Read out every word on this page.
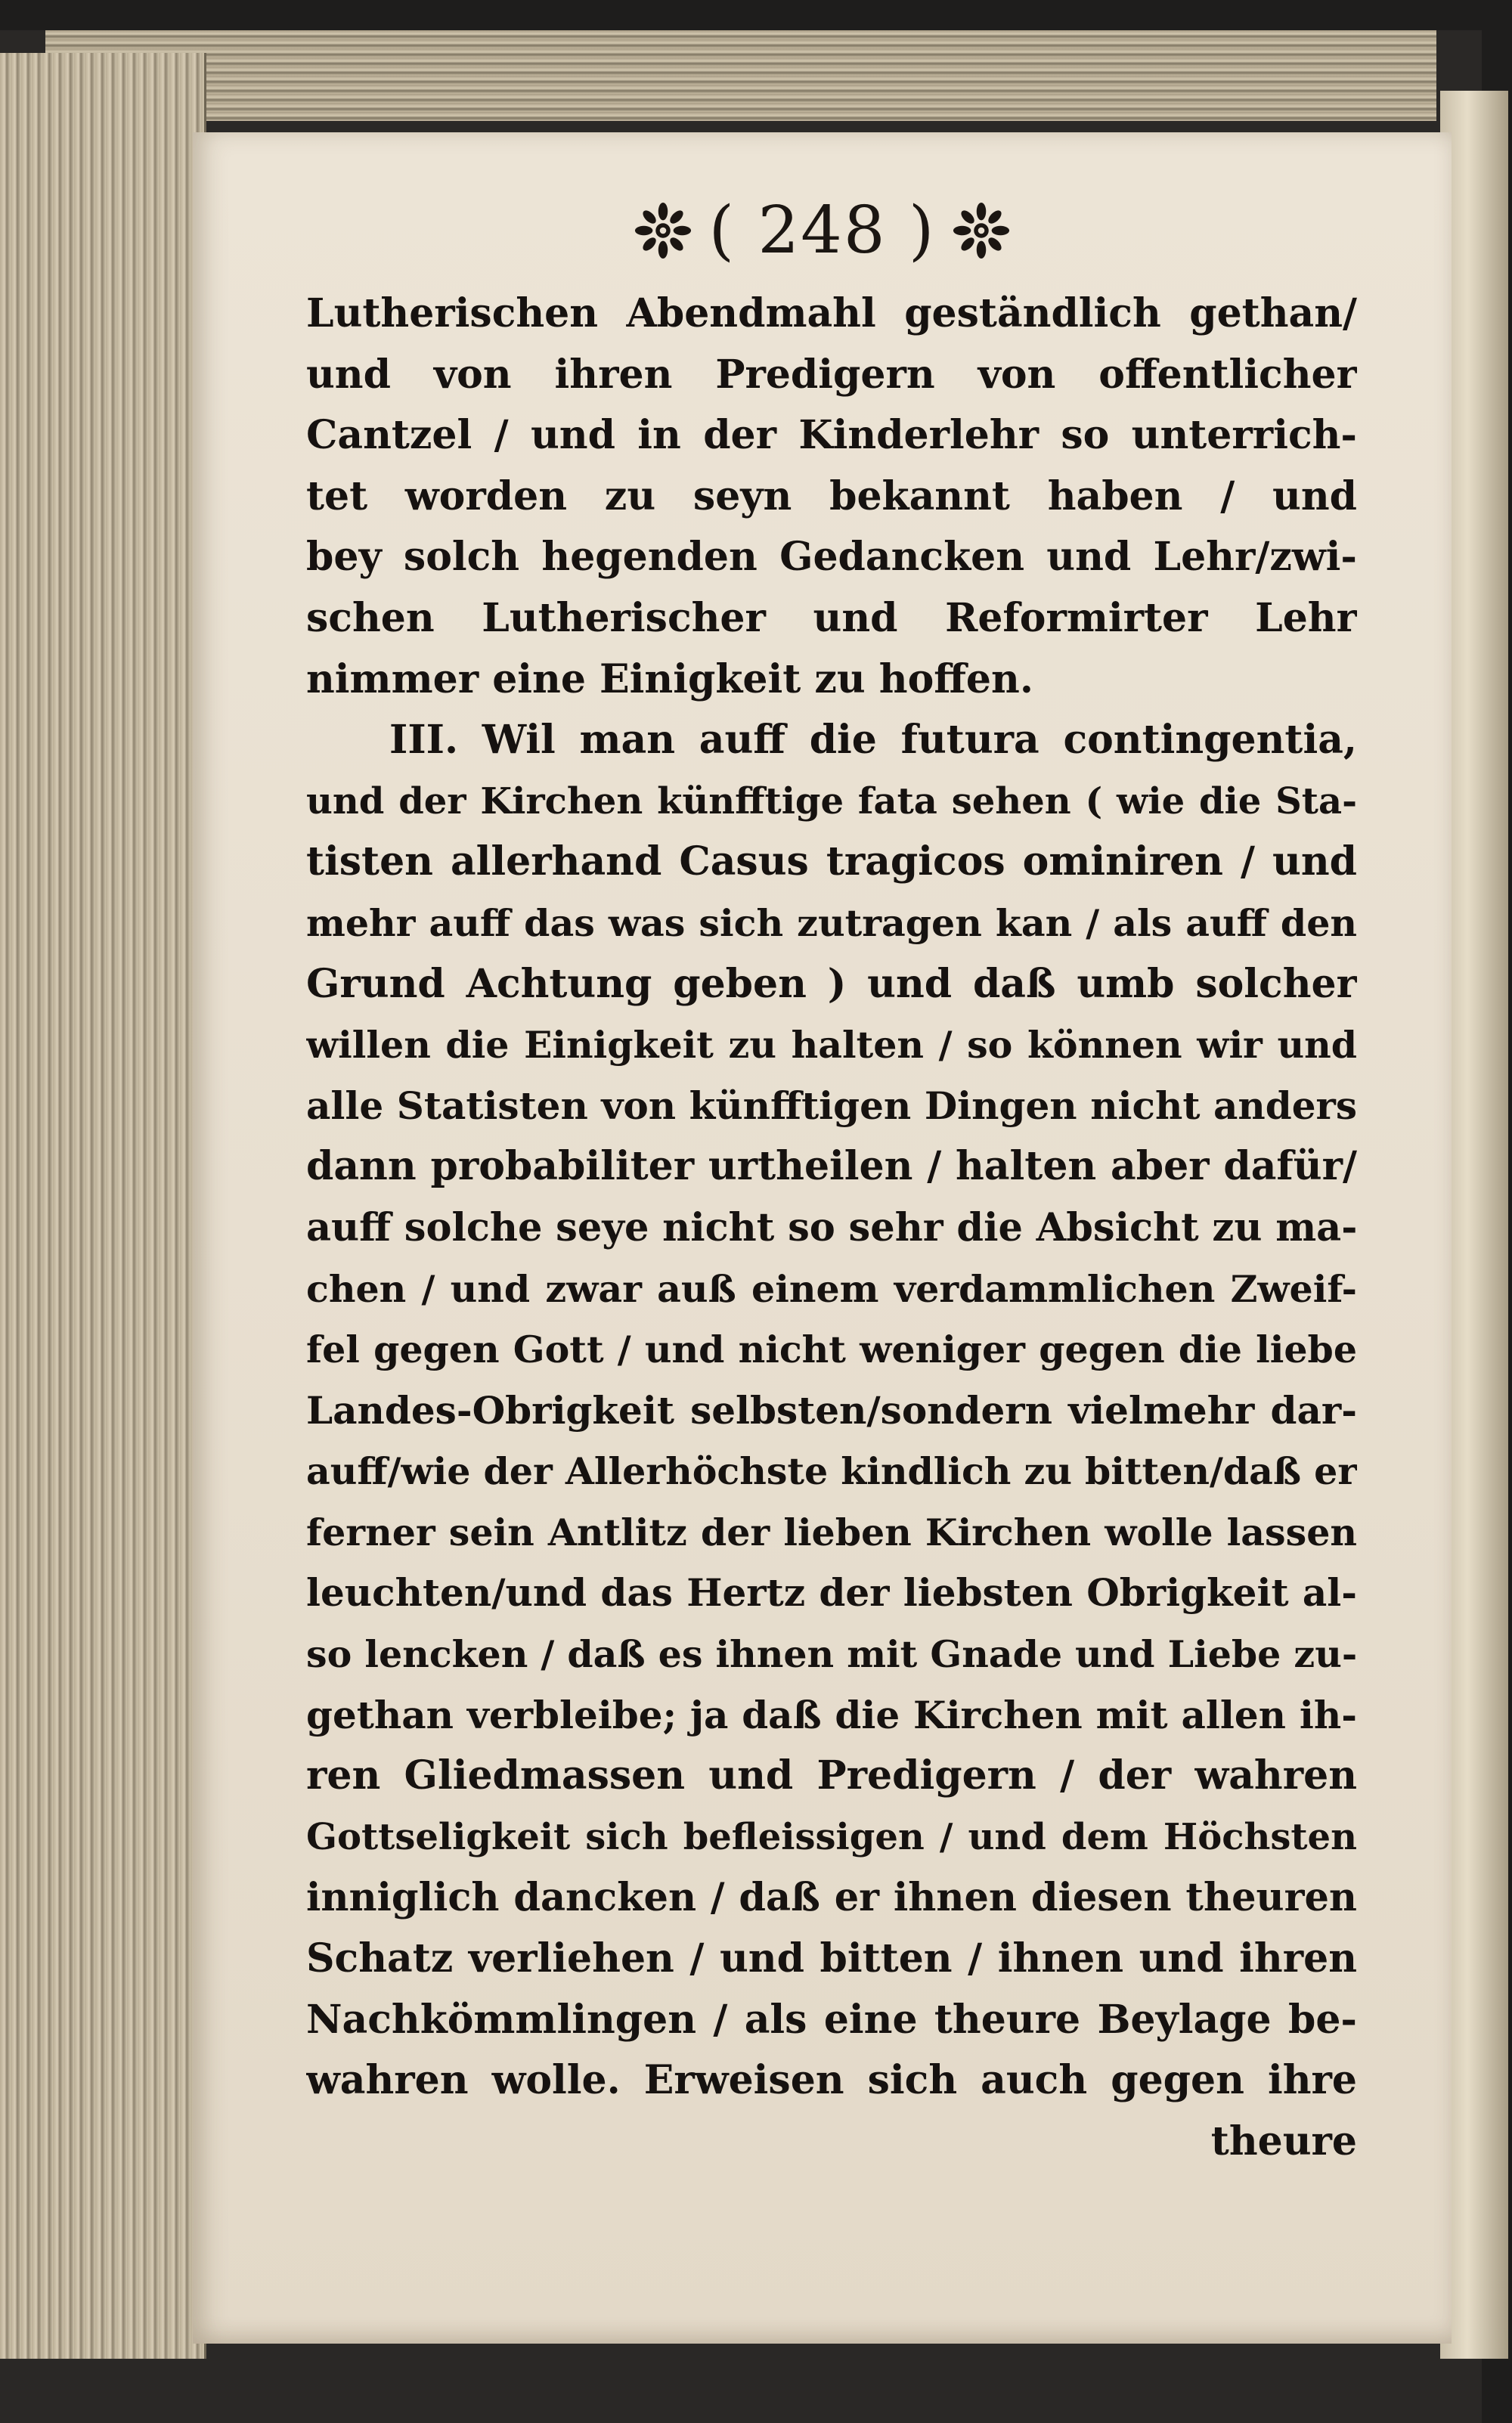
( 248 )
Lutherischen Abendmahl geständlich gethan/
und von ihren Predigern von offentlicher
Cantzel / und in der Kinderlehr so unterrich-
tet worden zu seyn bekannt haben / und
bey solch hegenden Gedancken und Lehr/zwi-
schen Lutherischer und Reformirter Lehr
nimmer eine Einigkeit zu hoffen.
III. Wil man auff die futura contingentia,
und der Kirchen künfftige fata sehen ( wie die Sta-
tisten allerhand Casus tragicos ominiren / und
mehr auff das was sich zutragen kan / als auff den
Grund Achtung geben ) und daß umb solcher
willen die Einigkeit zu halten / so können wir und
alle Statisten von künfftigen Dingen nicht anders
dann probabiliter urtheilen / halten aber dafür/
auff solche seye nicht so sehr die Absicht zu ma-
chen / und zwar auß einem verdammlichen Zweif-
fel gegen Gott / und nicht weniger gegen die liebe
Landes-Obrigkeit selbsten/sondern vielmehr dar-
auff/wie der Allerhöchste kindlich zu bitten/daß er
ferner sein Antlitz der lieben Kirchen wolle lassen
leuchten/und das Hertz der liebsten Obrigkeit al-
so lencken / daß es ihnen mit Gnade und Liebe zu-
gethan verbleibe; ja daß die Kirchen mit allen ih-
ren Gliedmassen und Predigern / der wahren
Gottseligkeit sich befleissigen / und dem Höchsten
inniglich dancken / daß er ihnen diesen theuren
Schatz verliehen / und bitten / ihnen und ihren
Nachkömmlingen / als eine theure Beylage be-
wahren wolle. Erweisen sich auch gegen ihre
theure
